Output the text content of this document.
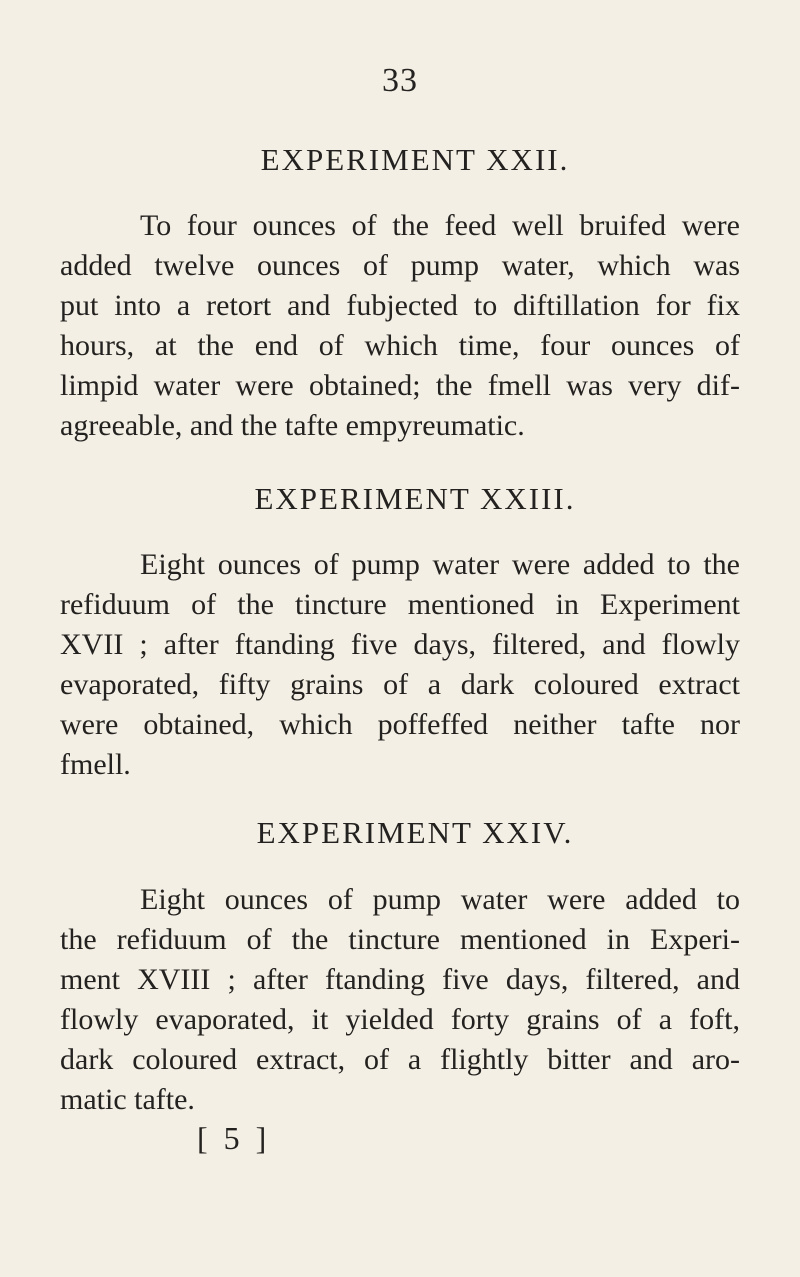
33
EXPERIMENT XXII.
To four ounces of the feed well bruifed were
added twelve ounces of pump water, which was
put into a retort and fubjected to diftillation for fix
hours, at the end of which time, four ounces of
limpid water were obtained; the fmell was very dif-
agreeable, and the tafte empyreumatic.
EXPERIMENT XXIII.
Eight ounces of pump water were added to the
refiduum of the tincture mentioned in Experiment
XVII ; after ftanding five days, filtered, and flowly
evaporated, fifty grains of a dark coloured extract
were obtained, which poffeffed neither tafte nor
fmell.
EXPERIMENT XXIV.
Eight ounces of pump water were added to
the refiduum of the tincture mentioned in Experi-
ment XVIII ; after ftanding five days, filtered, and
flowly evaporated, it yielded forty grains of a foft,
dark coloured extract, of a flightly bitter and aro-
matic tafte.
[ 5 ]
